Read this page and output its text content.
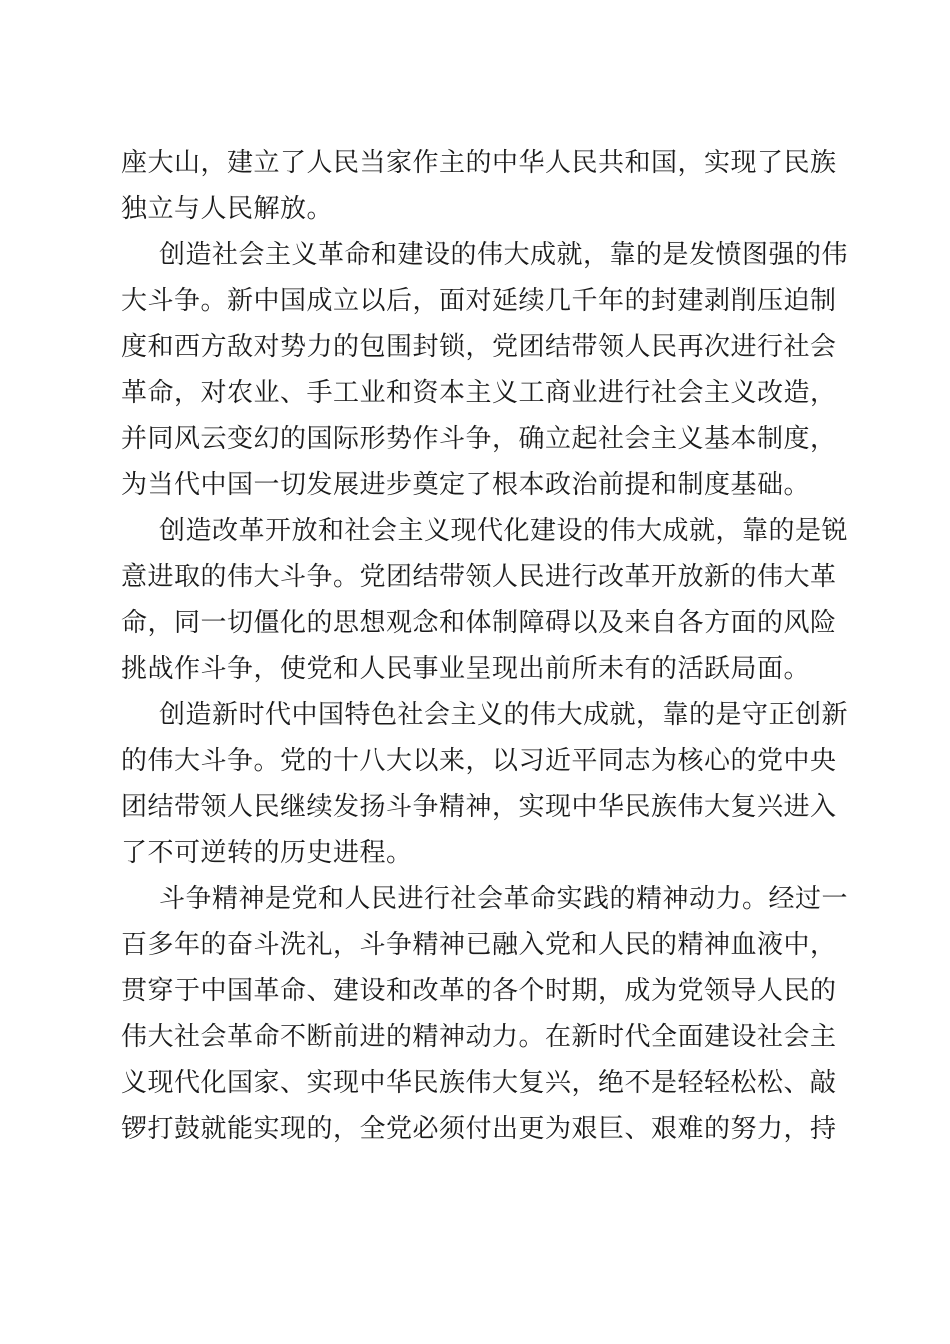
座大山，建立了人民当家作主的中华人民共和国，实现了民族
独立与人民解放。
创造社会主义革命和建设的伟大成就，靠的是发愤图强的伟
大斗争。新中国成立以后，面对延续几千年的封建剥削压迫制
度和西方敌对势力的包围封锁，党团结带领人民再次进行社会
革命，对农业、手工业和资本主义工商业进行社会主义改造，
并同风云变幻的国际形势作斗争，确立起社会主义基本制度，
为当代中国一切发展进步奠定了根本政治前提和制度基础。
创造改革开放和社会主义现代化建设的伟大成就，靠的是锐
意进取的伟大斗争。党团结带领人民进行改革开放新的伟大革
命，同一切僵化的思想观念和体制障碍以及来自各方面的风险
挑战作斗争，使党和人民事业呈现出前所未有的活跃局面。
创造新时代中国特色社会主义的伟大成就，靠的是守正创新
的伟大斗争。党的十八大以来，以习近平同志为核心的党中央
团结带领人民继续发扬斗争精神，实现中华民族伟大复兴进入
了不可逆转的历史进程。
斗争精神是党和人民进行社会革命实践的精神动力。经过一
百多年的奋斗洗礼，斗争精神已融入党和人民的精神血液中，
贯穿于中国革命、建设和改革的各个时期，成为党领导人民的
伟大社会革命不断前进的精神动力。在新时代全面建设社会主
义现代化国家、实现中华民族伟大复兴，绝不是轻轻松松、敲
锣打鼓就能实现的，全党必须付出更为艰巨、艰难的努力，持
